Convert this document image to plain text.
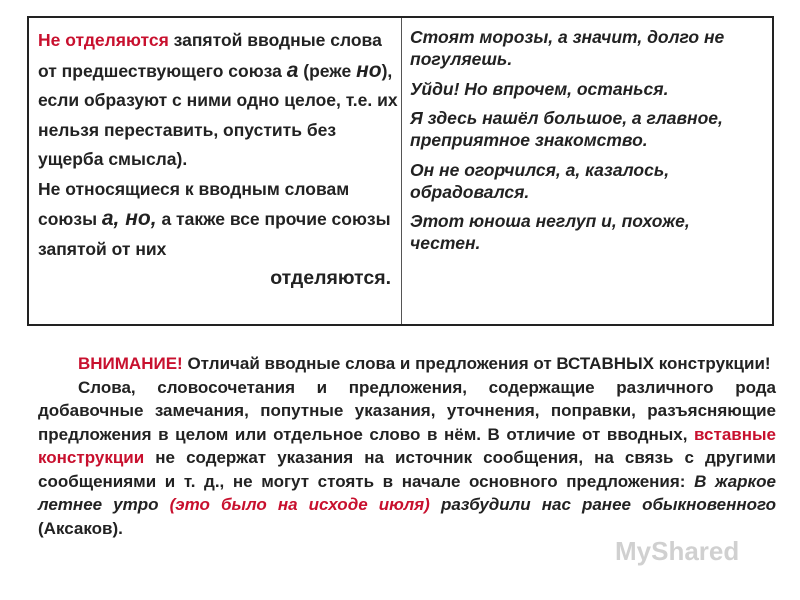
Не отделяются запятой вводные слова от предшествующего союза а (реже но), если образуют с ними одно целое, т.е. их нельзя переставить, опустить без ущерба смысла).
Не относящиеся к вводным словам союзы а, но, а также все прочие союзы запятой от них
отделяются.
Стоят морозы, а значит, долго не погуляешь.
Уйди! Но впрочем, останься.
Я здесь нашёл большое, а главное, преприятное знакомство.
Он не огорчился, а, казалось, обрадовался.
Этот юноша неглуп и, похоже, честен.

ВНИМАНИЕ! Отличай вводные слова и предложения от ВСТАВНЫХ конструкции!

Слова, словосочетания и предложения, содержащие различного рода добавочные замечания, попутные указания, уточнения, поправки, разъясняющие предложения в целом или отдельное слово в нём. В отличие от вводных, вставные конструкции не содержат указания на источник сообщения, на связь с другими сообщениями и т. д., не могут стоять в начале основного предложения: В жаркое летнее утро (это было на исходе июля) разбудили нас ранее обыкновенного (Аксаков).

MyShared
